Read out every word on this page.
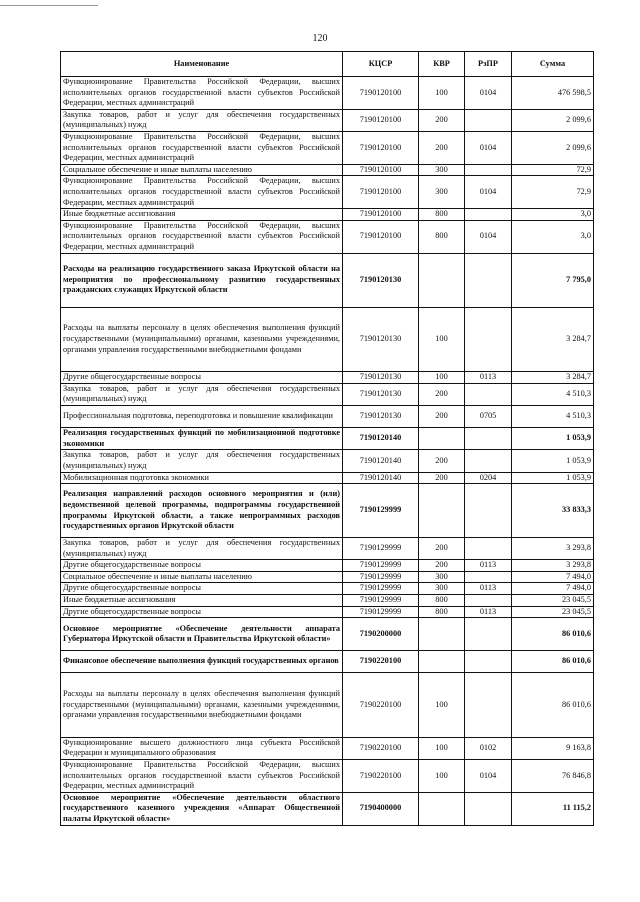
120
Наименование	КЦСР	КВР	РзПР	Сумма
Функционирование Правительства Российской Федерации, высших исполнительных органов государственной власти субъектов Российской Федерации, местных администраций	7190120100	100	0104	476 598,5
Закупка товаров, работ и услуг для обеспечения государственных (муниципальных) нужд	7190120100	200		2 099,6
Функционирование Правительства Российской Федерации, высших исполнительных органов государственной власти субъектов Российской Федерации, местных администраций	7190120100	200	0104	2 099,6
Социальное обеспечение и иные выплаты населению	7190120100	300		72,9
Функционирование Правительства Российской Федерации, высших исполнительных органов государственной власти субъектов Российской Федерации, местных администраций	7190120100	300	0104	72,9
Иные бюджетные ассигнования	7190120100	800		3,0
Функционирование Правительства Российской Федерации, высших исполнительных органов государственной власти субъектов Российской Федерации, местных администраций	7190120100	800	0104	3,0
Расходы на реализацию государственного заказа Иркутской области на мероприятия по профессиональному развитию государственных гражданских служащих Иркутской области	7190120130			7 795,0
Расходы на выплаты персоналу в целях обеспечения выполнения функций государственными (муниципальными) органами, казенными учреждениями, органами управления государственными внебюджетными фондами	7190120130	100		3 284,7
Другие общегосударственные вопросы	7190120130	100	0113	3 284,7
Закупка товаров, работ и услуг для обеспечения государственных (муниципальных) нужд	7190120130	200		4 510,3
Профессиональная подготовка, переподготовка и повышение квалификации	7190120130	200	0705	4 510,3
Реализация государственных функций по мобилизационной подготовке экономики	7190120140			1 053,9
Закупка товаров, работ и услуг для обеспечения государственных (муниципальных) нужд	7190120140	200		1 053,9
Мобилизационная подготовка экономики	7190120140	200	0204	1 053,9
Реализация направлений расходов основного мероприятия и (или) ведомственной целевой программы, подпрограммы государственной программы Иркутской области, а также непрограммных расходов государственных органов Иркутской области	7190129999			33 833,3
Закупка товаров, работ и услуг для обеспечения государственных (муниципальных) нужд	7190129999	200		3 293,8
Другие общегосударственные вопросы	7190129999	200	0113	3 293,8
Социальное обеспечение и иные выплаты населению	7190129999	300		7 494,0
Другие общегосударственные вопросы	7190129999	300	0113	7 494,0
Иные бюджетные ассигнования	7190129999	800		23 045,5
Другие общегосударственные вопросы	7190129999	800	0113	23 045,5
Основное мероприятие «Обеспечение деятельности аппарата Губернатора Иркутской области и Правительства Иркутской области»	7190200000			86 010,6
Финансовое обеспечение выполнения функций государственных органов	7190220100			86 010,6
Расходы на выплаты персоналу в целях обеспечения выполнения функций государственными (муниципальными) органами, казенными учреждениями, органами управления государственными внебюджетными фондами	7190220100	100		86 010,6
Функционирование высшего должностного лица субъекта Российской Федерации и муниципального образования	7190220100	100	0102	9 163,8
Функционирование Правительства Российской Федерации, высших исполнительных органов государственной власти субъектов Российской Федерации, местных администраций	7190220100	100	0104	76 846,8
Основное мероприятие «Обеспечение деятельности областного государственного казенного учреждения «Аппарат Общественной палаты Иркутской области»	7190400000			11 115,2
